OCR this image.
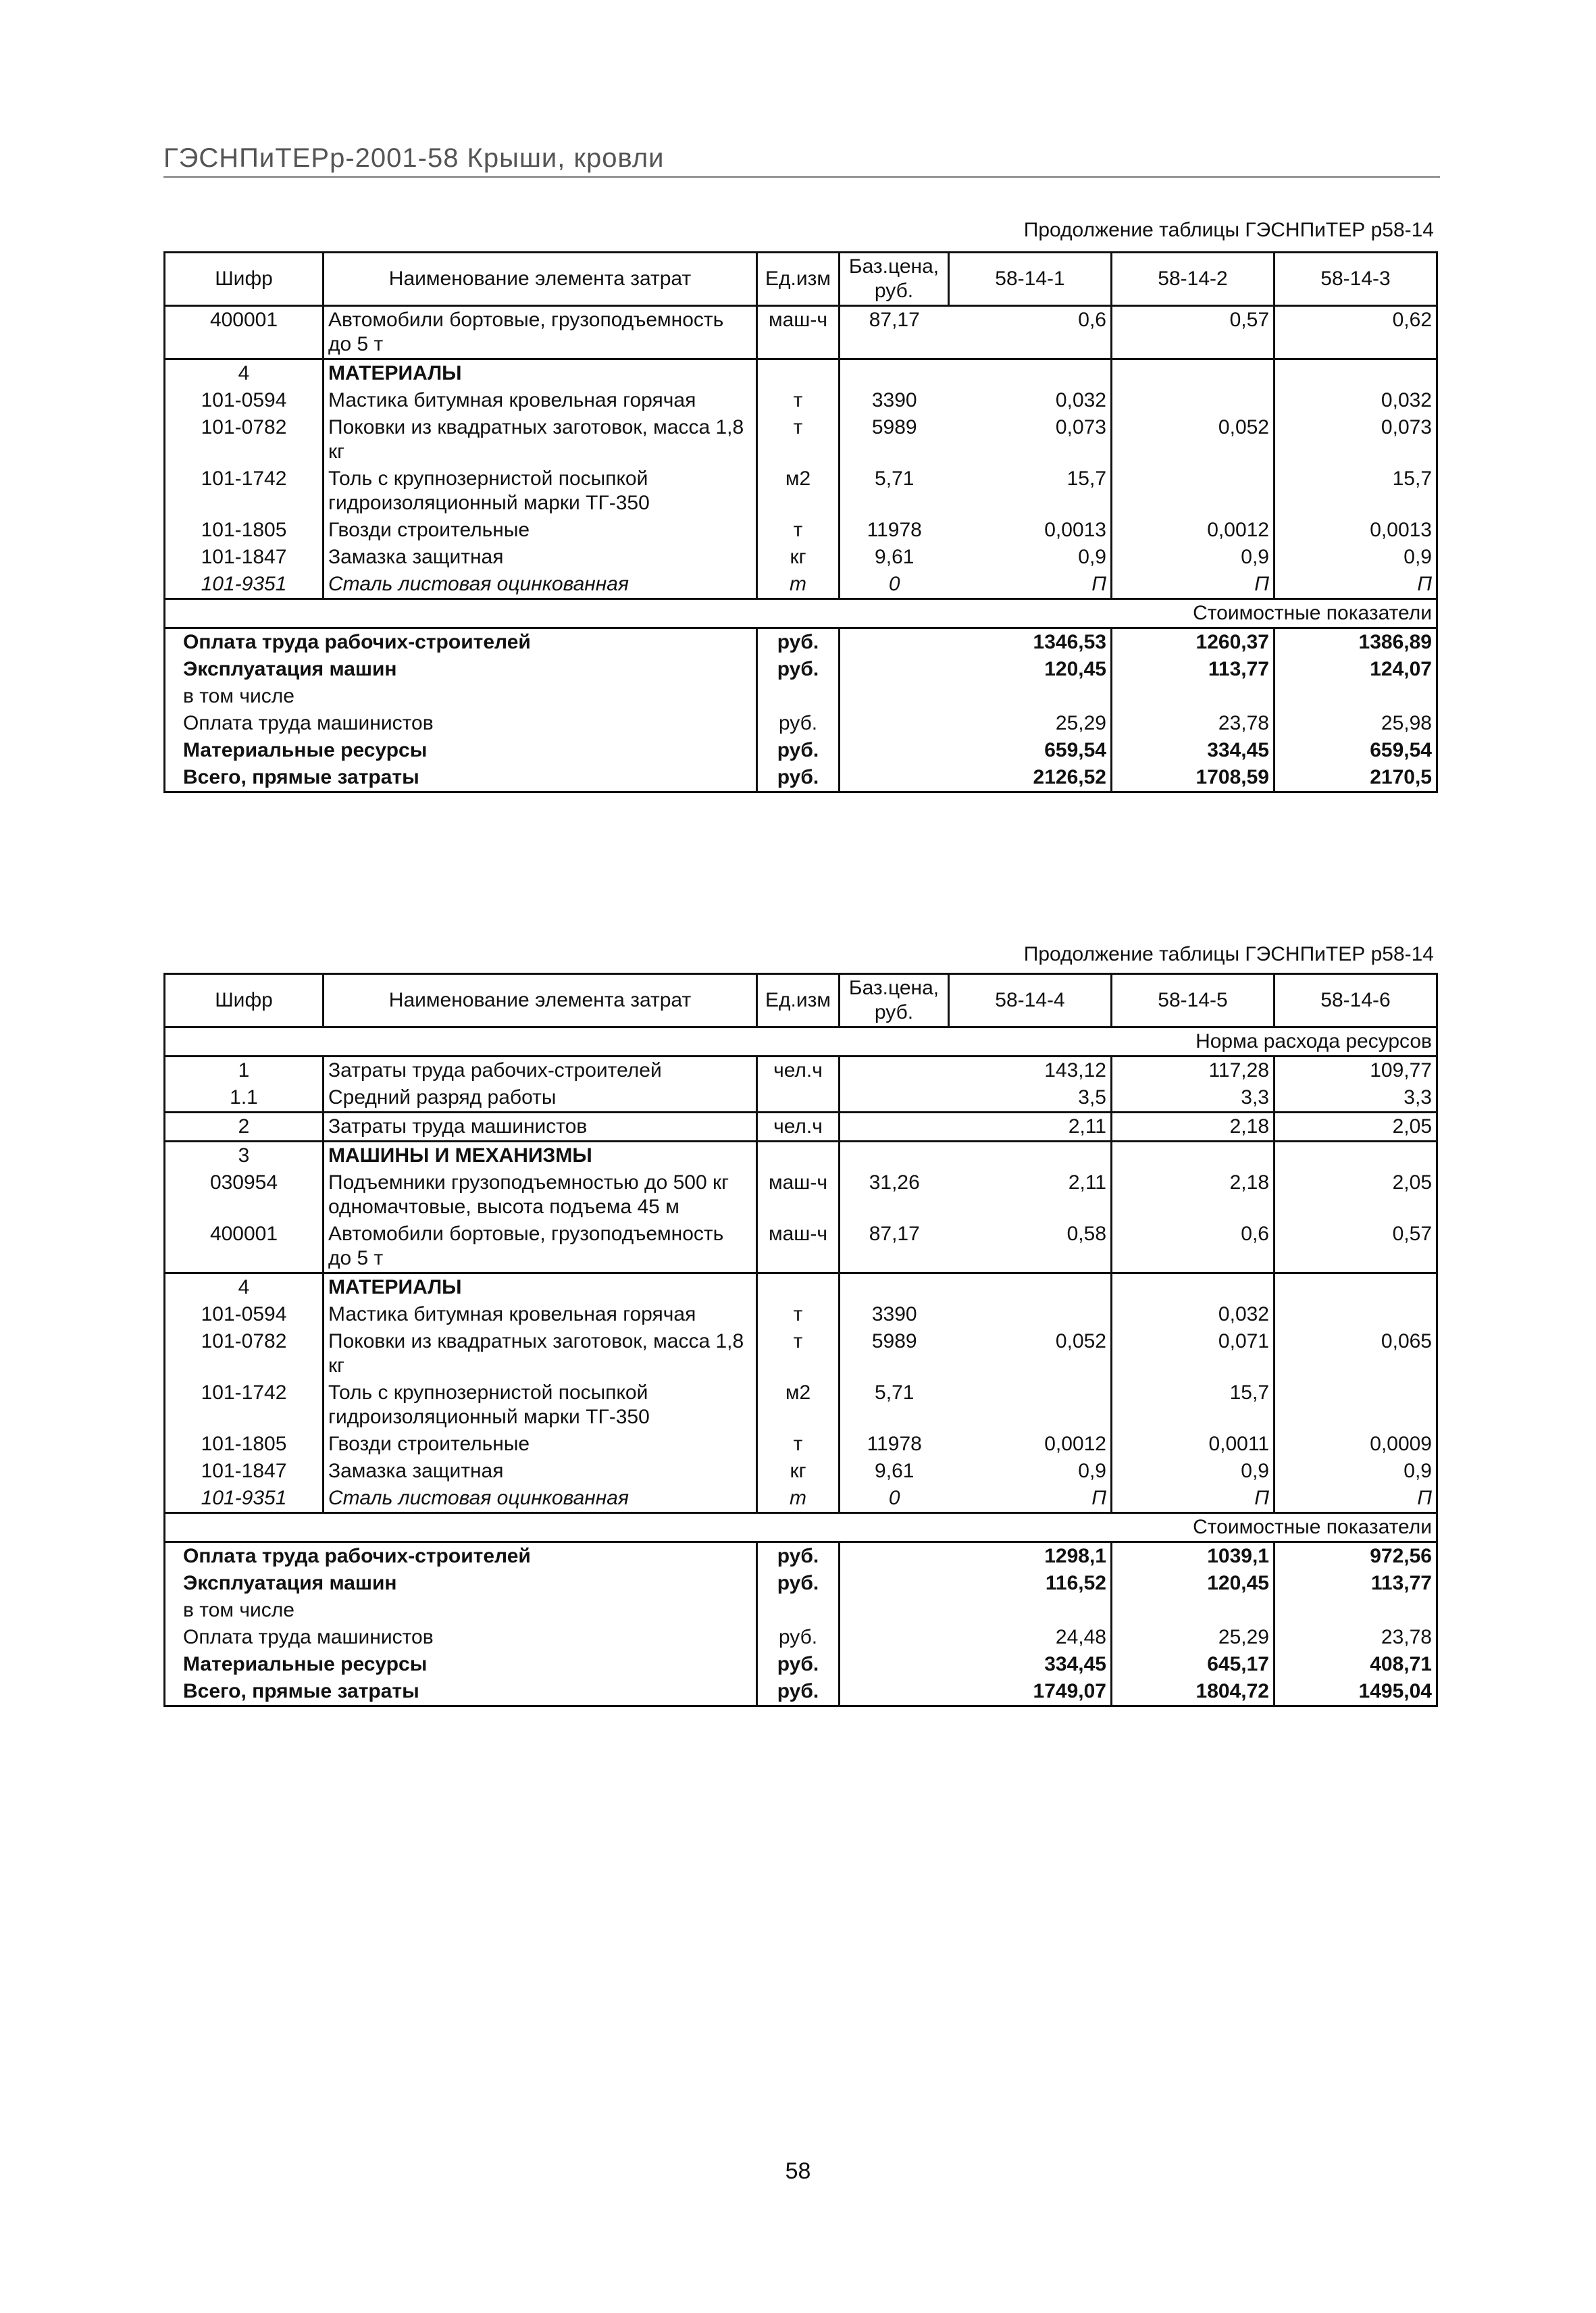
ГЭСНПиТЕРр-2001-58 Крыши, кровли
Продолжение таблицы ГЭСНПиТЕР р58-14
Шифр	Наименование элемента затрат	Ед.изм	Баз.цена, руб.	58-14-1	58-14-2	58-14-3
400001	Автомобили бортовые, грузоподъемность до 5 т	маш-ч	87,17	0,6	0,57	0,62
4	МАТЕРИАЛЫ					
101-0594	Мастика битумная кровельная горячая	т	3390	0,032		0,032
101-0782	Поковки из квадратных заготовок, масса 1,8 кг	т	5989	0,073	0,052	0,073
101-1742	Толь с крупнозернистой посыпкой гидроизоляционный марки ТГ-350	м2	5,71	15,7		15,7
101-1805	Гвозди строительные	т	11978	0,0013	0,0012	0,0013
101-1847	Замазка защитная	кг	9,61	0,9	0,9	0,9
101-9351	Сталь листовая оцинкованная	т	0	П	П	П
Стоимостные показатели						
Оплата труда рабочих-строителей		руб.		1346,53	1260,37	1386,89
Эксплуатация машин		руб.		120,45	113,77	124,07
в том числе						
Оплата труда машинистов		руб.		25,29	23,78	25,98
Материальные ресурсы		руб.		659,54	334,45	659,54
Всего, прямые затраты		руб.		2126,52	1708,59	2170,5
Продолжение таблицы ГЭСНПиТЕР р58-14
Шифр	Наименование элемента затрат	Ед.изм	Баз.цена, руб.	58-14-4	58-14-5	58-14-6
Норма расхода ресурсов						
1	Затраты труда рабочих-строителей	чел.ч		143,12	117,28	109,77
1.1	Средний разряд работы			3,5	3,3	3,3
2	Затраты труда машинистов	чел.ч		2,11	2,18	2,05
3	МАШИНЫ И МЕХАНИЗМЫ					
030954	Подъемники грузоподъемностью до 500 кг одномачтовые, высота подъема 45 м	маш-ч	31,26	2,11	2,18	2,05
400001	Автомобили бортовые, грузоподъемность до 5 т	маш-ч	87,17	0,58	0,6	0,57
4	МАТЕРИАЛЫ					
101-0594	Мастика битумная кровельная горячая	т	3390		0,032	
101-0782	Поковки из квадратных заготовок, масса 1,8 кг	т	5989	0,052	0,071	0,065
101-1742	Толь с крупнозернистой посыпкой гидроизоляционный марки ТГ-350	м2	5,71		15,7	
101-1805	Гвозди строительные	т	11978	0,0012	0,0011	0,0009
101-1847	Замазка защитная	кг	9,61	0,9	0,9	0,9
101-9351	Сталь листовая оцинкованная	т	0	П	П	П
Стоимостные показатели						
Оплата труда рабочих-строителей		руб.		1298,1	1039,1	972,56
Эксплуатация машин		руб.		116,52	120,45	113,77
в том числе						
Оплата труда машинистов		руб.		24,48	25,29	23,78
Материальные ресурсы		руб.		334,45	645,17	408,71
Всего, прямые затраты		руб.		1749,07	1804,72	1495,04
58
